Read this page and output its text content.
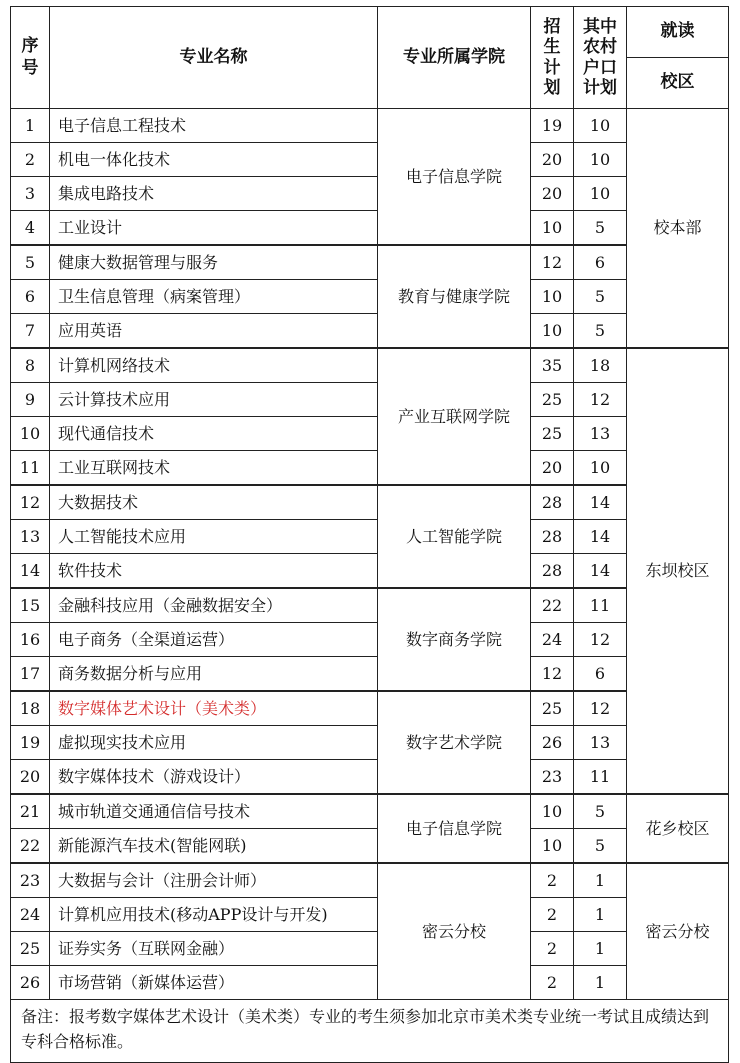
序
号	专业名称	专业所属学院	招
生
计
划	其中
农村
户口
计划	就读
					校区
1	电子信息工程技术	电子信息学院	19	10	校本部
2	机电一体化技术		20	10	
3	集成电路技术		20	10	
4	工业设计		10	5	
5	健康大数据管理与服务	教育与健康学院	12	6	
6	卫生信息管理（病案管理）		10	5	
7	应用英语		10	5	
8	计算机网络技术	产业互联网学院	35	18	东坝校区
9	云计算技术应用		25	12	
10	现代通信技术		25	13	
11	工业互联网技术		20	10	
12	大数据技术	人工智能学院	28	14	
13	人工智能技术应用		28	14	
14	软件技术		28	14	
15	金融科技应用（金融数据安全）	数字商务学院	22	11	
16	电子商务（全渠道运营）		24	12	
17	商务数据分析与应用		12	6	
18	数字媒体艺术设计（美术类）	数字艺术学院	25	12	
19	虚拟现实技术应用		26	13	
20	数字媒体技术（游戏设计）		23	11	
21	城市轨道交通通信信号技术	电子信息学院	10	5	花乡校区
22	新能源汽车技术(智能网联)		10	5	
23	大数据与会计（注册会计师）	密云分校	2	1	密云分校
24	计算机应用技术(移动APP设计与开发)		2	1	
25	证券实务（互联网金融）		2	1	
26	市场营销（新媒体运营）		2	1	
备注：报考数字媒体艺术设计（美术类）专业的考生须参加北京市美术类专业统一考试且成绩达到专科合格标准。					
